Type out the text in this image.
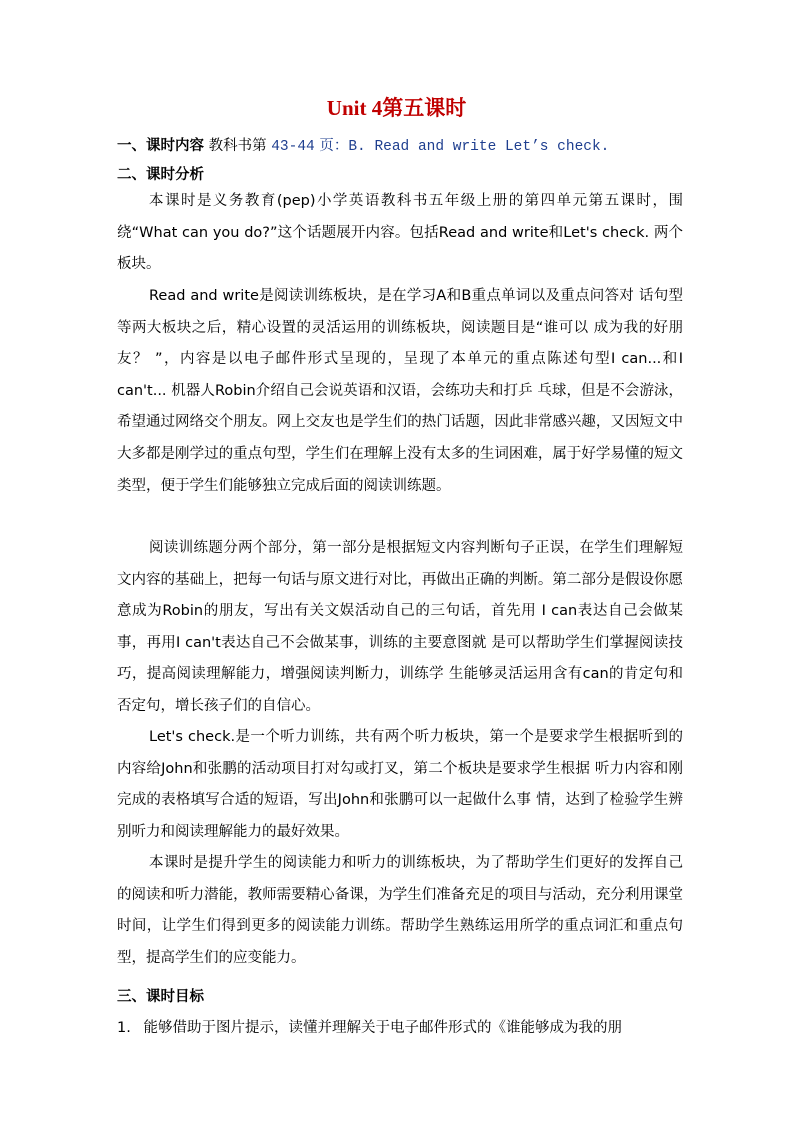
Unit 4第五课时
一、课时内容 教科书第 43-44 页：B. Read and write Let’s check.
二、课时分析
本课时是义务教育(pep)小学英语教科书五年级上册的第四单元第五课时，围绕“What can you do?”这个话题展开内容。包括Read and write和Let's check. 两个板块。
Read and write是阅读训练板块，是在学习A和B重点单词以及重点问答对 话句型等两大板块之后，精心设置的灵活运用的训练板块，阅读题目是“谁可以 成为我的好朋友？ ”，内容是以电子邮件形式呈现的，呈现了本单元的重点陈述句型I can...和I can't... 机器人Robin介绍自己会说英语和汉语，会练功夫和打乒 乓球，但是不会游泳，希望通过网络交个朋友。网上交友也是学生们的热门话题，因此非常感兴趣，又因短文中大多都是刚学过的重点句型，学生们在理解上没有太多的生词困难，属于好学易懂的短文类型，便于学生们能够独立完成后面的阅读训练题。
阅读训练题分两个部分，第一部分是根据短文内容判断句子正误，在学生们理解短文内容的基础上，把每一句话与原文进行对比，再做出正确的判断。第二部分是假设你愿意成为Robin的朋友，写出有关文娱活动自己的三句话，首先用 I can表达自己会做某事，再用I can't表达自己不会做某事，训练的主要意图就 是可以帮助学生们掌握阅读技巧，提高阅读理解能力，增强阅读判断力，训练学 生能够灵活运用含有can的肯定句和否定句，增长孩子们的自信心。
Let's check.是一个听力训练，共有两个听力板块，第一个是要求学生根据听到的内容给John和张鹏的活动项目打对勾或打叉，第二个板块是要求学生根据 听力内容和刚完成的表格填写合适的短语，写出John和张鹏可以一起做什么事 情，达到了检验学生辨别听力和阅读理解能力的最好效果。
本课时是提升学生的阅读能力和听力的训练板块，为了帮助学生们更好的发挥自己的阅读和听力潜能，教师需要精心备课，为学生们准备充足的项目与活动，充分利用课堂时间，让学生们得到更多的阅读能力训练。帮助学生熟练运用所学的重点词汇和重点句型，提高学生们的应变能力。
三、课时目标
1. 能够借助于图片提示，读懂并理解关于电子邮件形式的《谁能够成为我的朋
